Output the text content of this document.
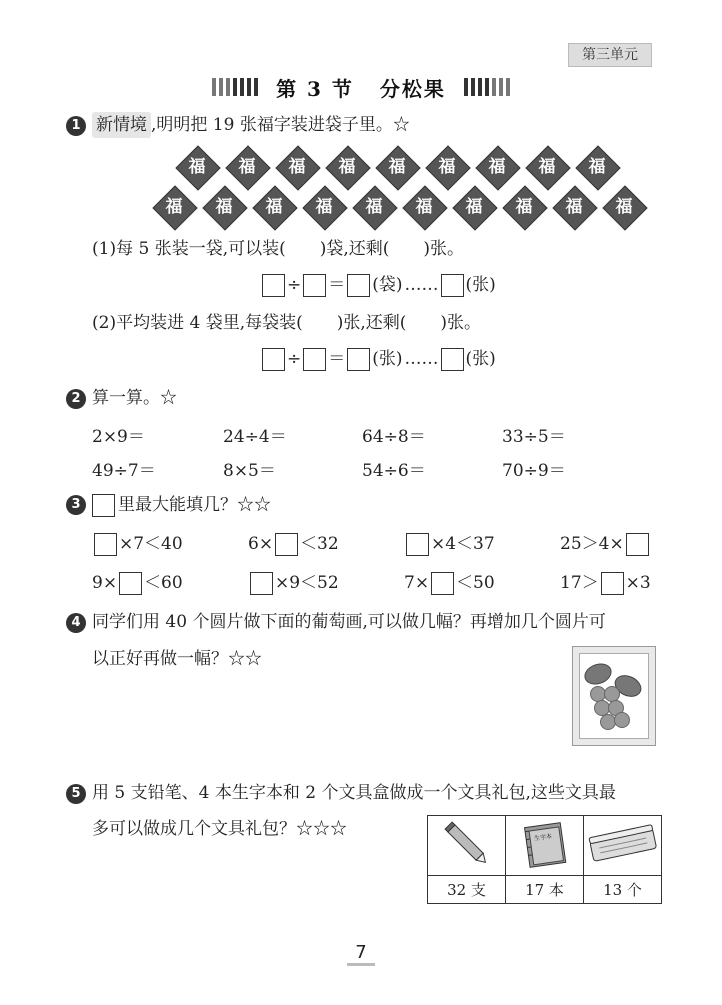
第三单元
第 3 节 分松果
1 新情境 ,明明把 19 张福字装进袋子里。☆
福	福	福	福	福	福	福	福	福
福	福	福	福	福	福	福	福	福	福
(1)每 5 张装一袋,可以装(　　)袋,还剩(　　)张。
÷ ＝ (袋) …… (张)
(2)平均装进 4 袋里,每袋装(　　)张,还剩(　　)张。
÷ ＝ (张) …… (张)
2 算一算。☆
2×9＝	24÷4＝	64÷8＝	33÷5＝
49÷7＝	8×5＝	54÷6＝	70÷9＝
3	里最大能填几？☆☆
×7＜40	6× ＜32	×4＜37	25＞4×
9× ＜60	×9＜52	7× ＜50	17＞ ×3
4 同学们用 40 个圆片做下面的葡萄画,可以做几幅？再增加几个圆片可
以正好再做一幅？☆☆
5 用 5 支铅笔、4 本生字本和 2 个文具盒做成一个文具礼包,这些文具最
多可以做成几个文具礼包？☆☆☆
		生字本

32 支	17 本	13 个
7
